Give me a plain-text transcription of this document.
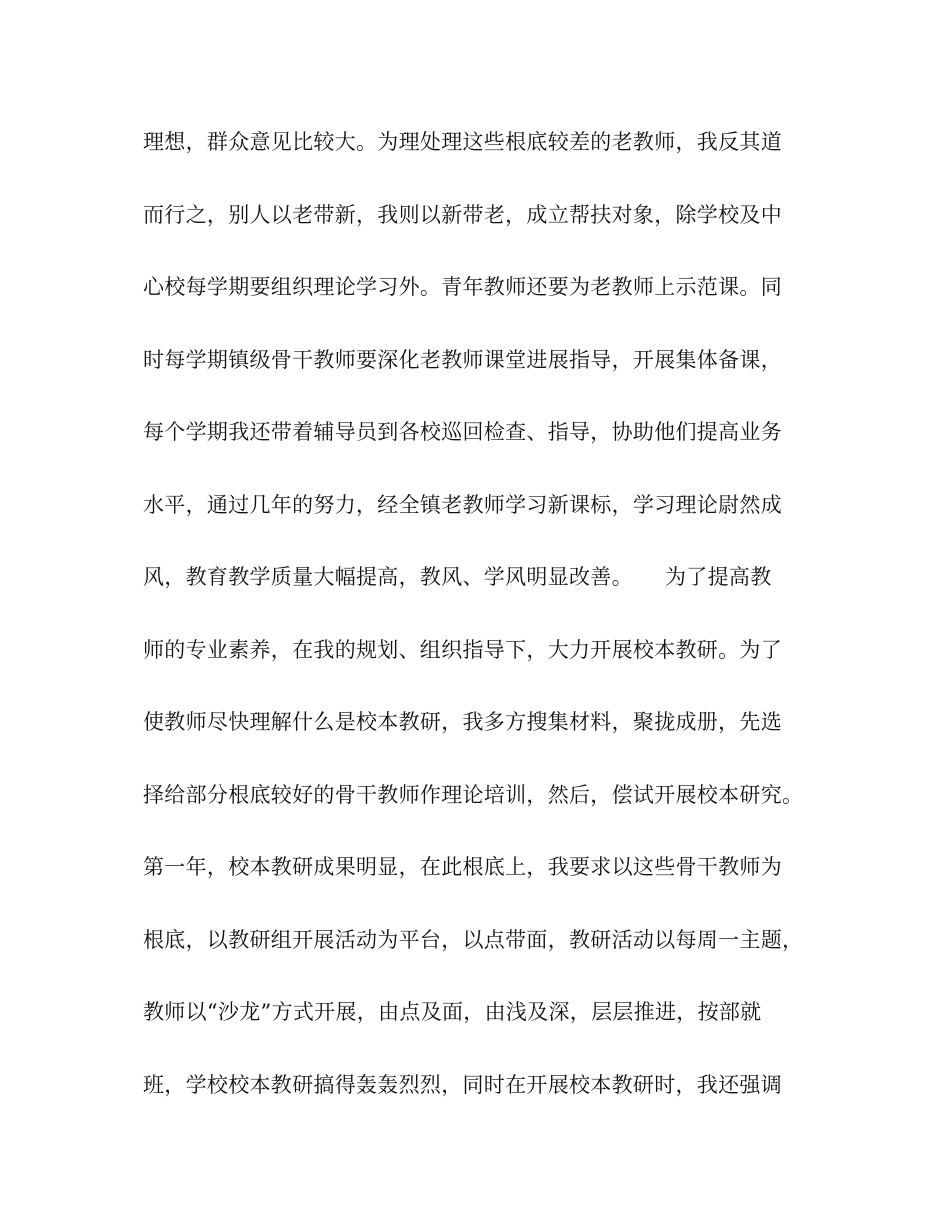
理想，群众意见比较大。为理处理这些根底较差的老教师，我反其道
而行之，别人以老带新，我则以新带老，成立帮扶对象，除学校及中
心校每学期要组织理论学习外。青年教师还要为老教师上示范课。同
时每学期镇级骨干教师要深化老教师课堂进展指导，开展集体备课，
每个学期我还带着辅导员到各校巡回检查、指导，协助他们提高业务
水平，通过几年的努力，经全镇老教师学习新课标，学习理论尉然成
风，教育教学质量大幅提高，教风、学风明显改善。　　为了提高教
师的专业素养，在我的规划、组织指导下，大力开展校本教研。为了
使教师尽快理解什么是校本教研，我多方搜集材料，聚拢成册，先选
择给部分根底较好的骨干教师作理论培训，然后，偿试开展校本研究。
第一年，校本教研成果明显，在此根底上，我要求以这些骨干教师为
根底，以教研组开展活动为平台，以点带面，教研活动以每周一主题，
教师以“沙龙”方式开展，由点及面，由浅及深，层层推进，按部就
班，学校校本教研搞得轰轰烈烈，同时在开展校本教研时，我还强调
